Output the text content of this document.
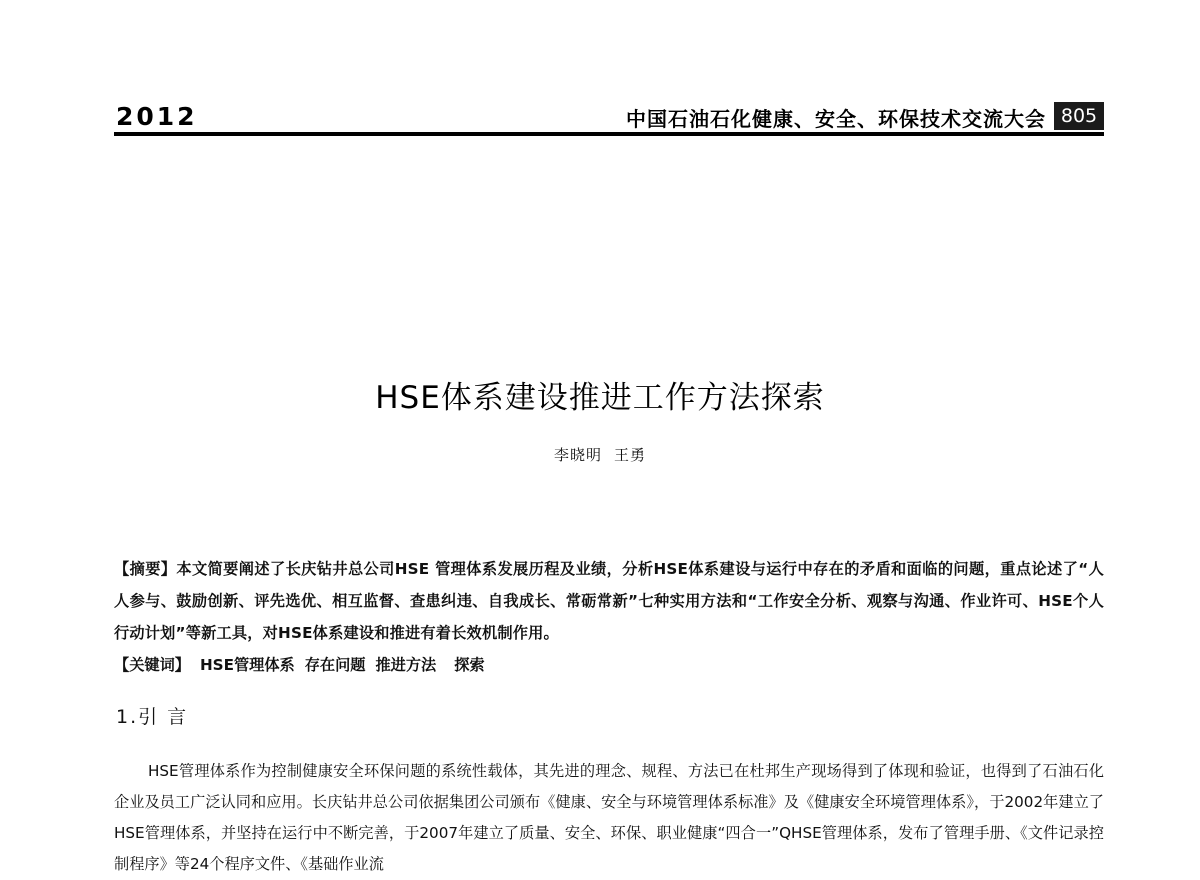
2012	中国石油石化健康、安全、环保技术交流大会 805
HSE体系建设推进工作方法探索
李晓明 王勇
【摘要】本文简要阐述了长庆钻井总公司HSE 管理体系发展历程及业绩，分析HSE体系建设与运行中存在的矛盾和面临的问题，重点论述了“人人参与、鼓励创新、评先选优、相互监督、查患纠违、自我成长、常砺常新”七种实用方法和“工作安全分析、观察与沟通、作业许可、HSE个人行动计划”等新工具，对HSE体系建设和推进有着长效机制作用。
【关键词】 HSE管理体系 存在问题 推进方法 探索
1.引 言
HSE管理体系作为控制健康安全环保问题的系统性载体，其先进的理念、规程、方法已在杜邦生产现场得到了体现和验证，也得到了石油石化企业及员工广泛认同和应用。长庆钻井总公司依据集团公司颁布《健康、安全与环境管理体系标准》及《健康安全环境管理体系》，于2002年建立了HSE管理体系，并坚持在运行中不断完善，于2007年建立了质量、安全、环保、职业健康“四合一”QHSE管理体系，发布了管理手册、《文件记录控制程序》等24个程序文件、《基础作业流
